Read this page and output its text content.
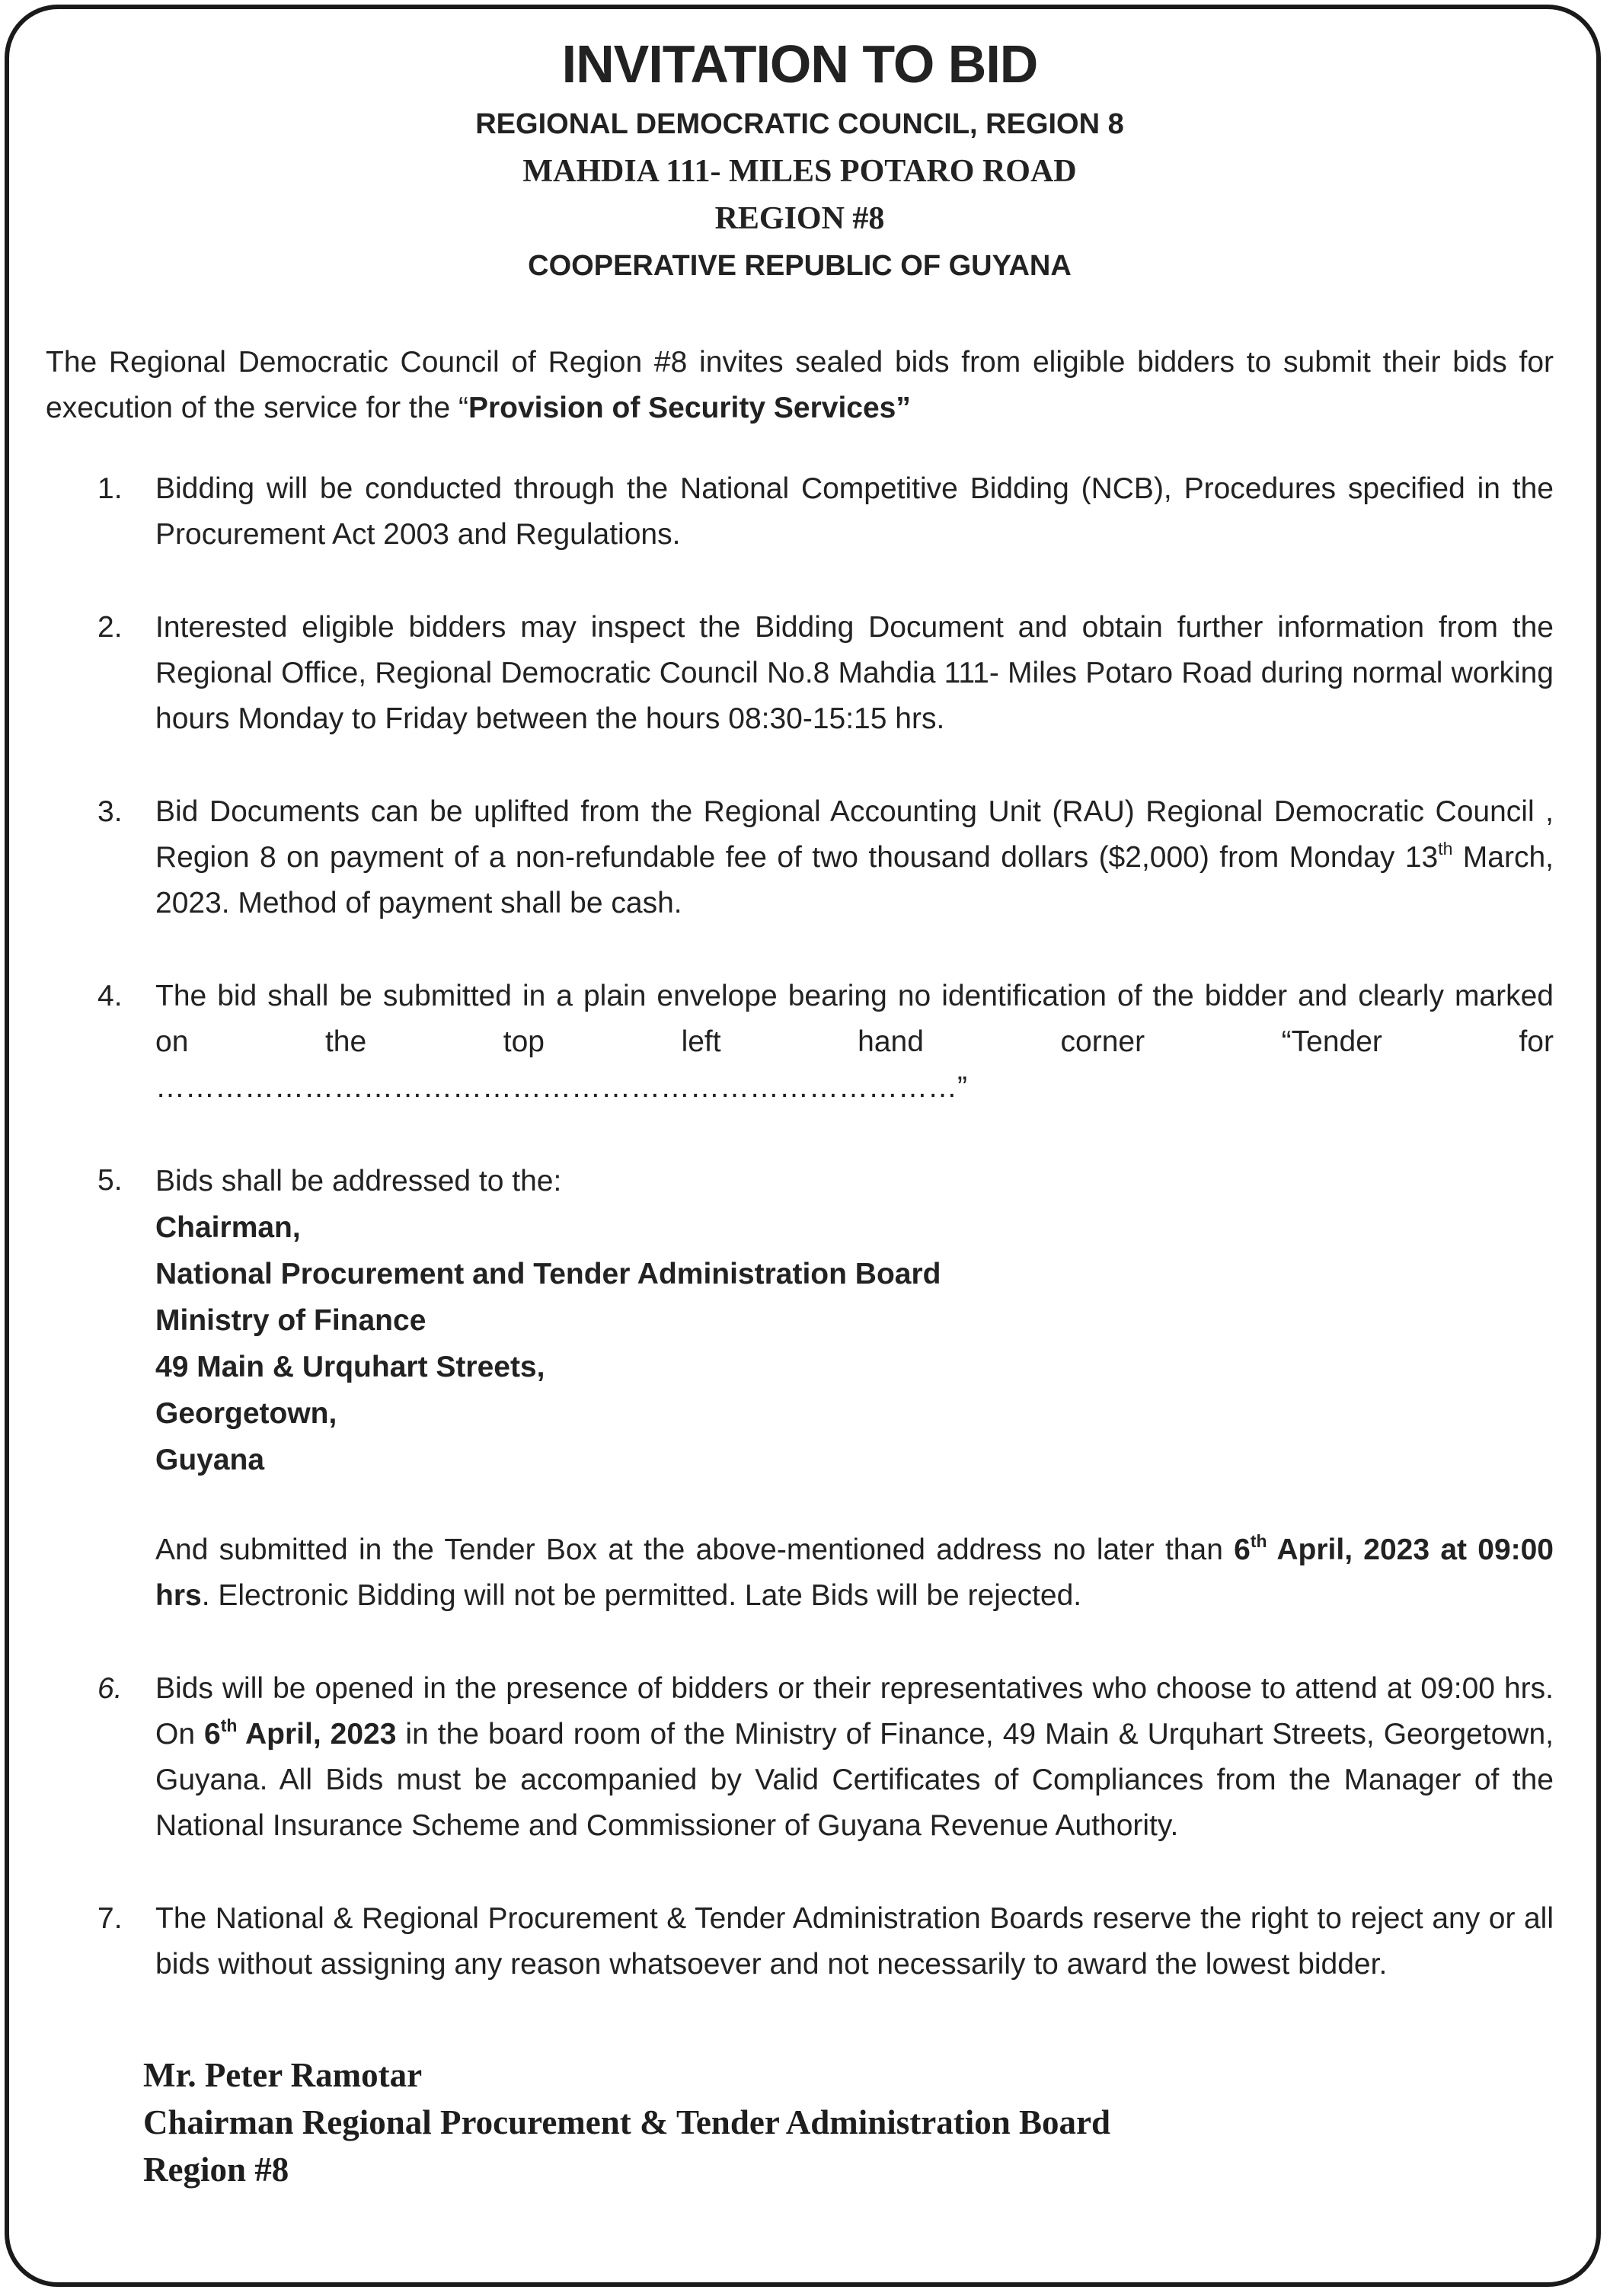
INVITATION TO BID

REGIONAL DEMOCRATIC COUNCIL, REGION 8

MAHDIA 111- MILES POTARO ROAD

REGION #8

COOPERATIVE REPUBLIC OF GUYANA

The Regional Democratic Council of Region #8 invites sealed bids from eligible bidders to submit their bids for execution of the service for the “Provision of Security Services”

1. Bidding will be conducted through the National Competitive Bidding (NCB), Procedures specified in the Procurement Act 2003 and Regulations.

2. Interested eligible bidders may inspect the Bidding Document and obtain further information from the Regional Office, Regional Democratic Council No.8 Mahdia 111- Miles Potaro Road during normal working hours Monday to Friday between the hours 08:30-15:15 hrs.

3. Bid Documents can be uplifted from the Regional Accounting Unit (RAU) Regional Democratic Council , Region 8 on payment of a non-refundable fee of two thousand dollars ($2,000) from Monday 13th March, 2023. Method of payment shall be cash.

4. The bid shall be submitted in a plain envelope bearing no identification of the bidder and clearly marked on the top left hand corner “Tender for

………………………………………………………………………”
5. Bids shall be addressed to the:

Chairman,

National Procurement and Tender Administration Board

Ministry of Finance

49 Main & Urquhart Streets,

Georgetown,

Guyana

And submitted in the Tender Box at the above-mentioned address no later than 6th April, 2023 at 09:00 hrs. Electronic Bidding will not be permitted. Late Bids will be rejected.

6. Bids will be opened in the presence of bidders or their representatives who choose to attend at 09:00 hrs. On 6th April, 2023 in the board room of the Ministry of Finance, 49 Main & Urquhart Streets, Georgetown, Guyana. All Bids must be accompanied by Valid Certificates of Compliances from the Manager of the National Insurance Scheme and Commissioner of Guyana Revenue Authority.

7. The National & Regional Procurement & Tender Administration Boards reserve the right to reject any or all bids without assigning any reason whatsoever and not necessarily to award the lowest bidder.

Mr. Peter Ramotar
Chairman Regional Procurement & Tender Administration Board
Region #8
